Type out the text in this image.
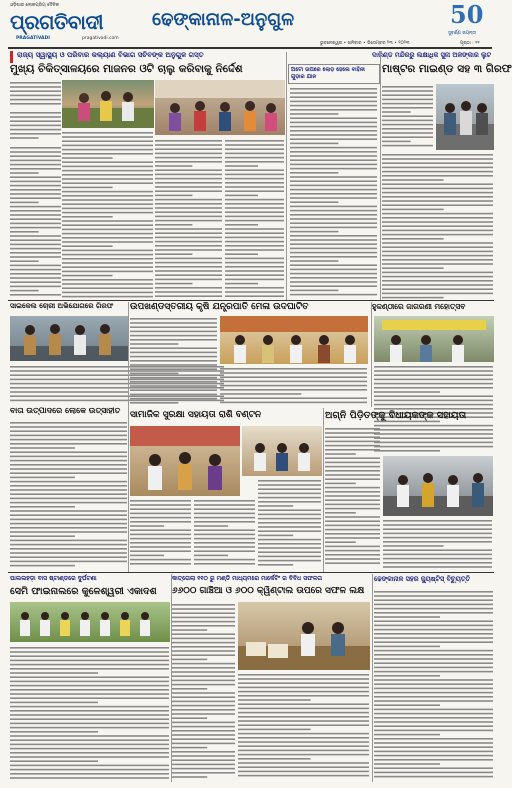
ଓଡ଼ିଶାର ଲୋକପ୍ରିୟ ଦୈନିକ
ପ୍ରଗତିବାଦୀ
PRAGATIVADI	pragativadi.com
ଢେଙ୍କାନାଳ-ଅନୁଗୁଳ	50
ସୁବର୍ଣ୍ଣ ଜୟନ୍ତୀ
ଭୁବନେଶ୍ୱର • ଶନିବାର • ଡିସେମ୍ବର ୨୩ • ୨୦୨୩	ପୃଷ୍ଠା : ୧୧
ରାଜ୍ୟ ସ୍ୱାସ୍ଥ୍ୟ ଓ ପରିବାର କଲ୍ୟାଣ ବିଭାଗ ସଚିବଙ୍କ ଅନୁଗୁଳ ଗସ୍ତ
ମୁଖ୍ୟ ଚିକିତ୍ସାଳୟରେ ମାଜନର ଓଟି ଚାଲୁ କରିବାକୁ ନିର୍ଦ୍ଦେଶ	ଅଟୋ ଉପରେ ଲୋଡ଼ ହେଲେ ବାହିନୀ ଗୁଡ଼ାର ଯାନ
ଦାରିଣ୍ଡ ମନ୍ଦିରରୁ ଲକ୍ଷାଧିକ ସୁନା ଅଳଙ୍କାର ଲୁଟ
ମାଷ୍ଟର ମାଇଣ୍ଡ ସହ ୩ ଗିରଫ
ସାଇକେଲ ଚୋରୀ ଅଭିଯୋଗରେ ଗିରଫ	ଉପଖଣ୍ଡସ୍ତରୀୟ କୃଷି ଯନ୍ତ୍ରପାତି ମେଳା ଉଦଘାଟିତ	ହୁକଣ୍ଠୀରେ ଜାଗରଣୀ ମହୋତ୍ସବ
ବାତା ଉତ୍ପାଦରେ ଲୋକେ ଉତ୍ସାହୀତ	ସାମାଜିକ ସୁରକ୍ଷା ସହାୟତା ରାଶି ବଣ୍ଟନ	ଅଗ୍ନି ପିଡ଼ିତଙ୍କୁ ବିଧାୟକଙ୍କ ସହାୟତା
ପାଲଲହଡ଼ା ବାସ ଷ୍ଟାଣ୍ଡରେ ଦୁର୍ଘଟଣା
ସେମି ଫାଇନାଲରେ କୁଳେଶ୍ୱରୀ ଏକାଦଶ
କାତ୍ତୋଲା ୧୧୦ ରୁ ମଣ୍ଡି ମାଧ୍ୟମରେ ମାର୍କେଟିଂ ର ବିବିଧ ସଫଳତା
୬୬୦୦ ଗାଞ୍ଚିଆ ଓ ୬୦୦ କ୍ୱିଣ୍ଟାଲ ଉପରେ ସଫଳ ଲକ୍ଷ
ଢେଙ୍କାନାଳ ସହର ଜ୍ୟୁଷ୍ଟିସ୍ ବିଚ୍ୟୁତ୍ତି
